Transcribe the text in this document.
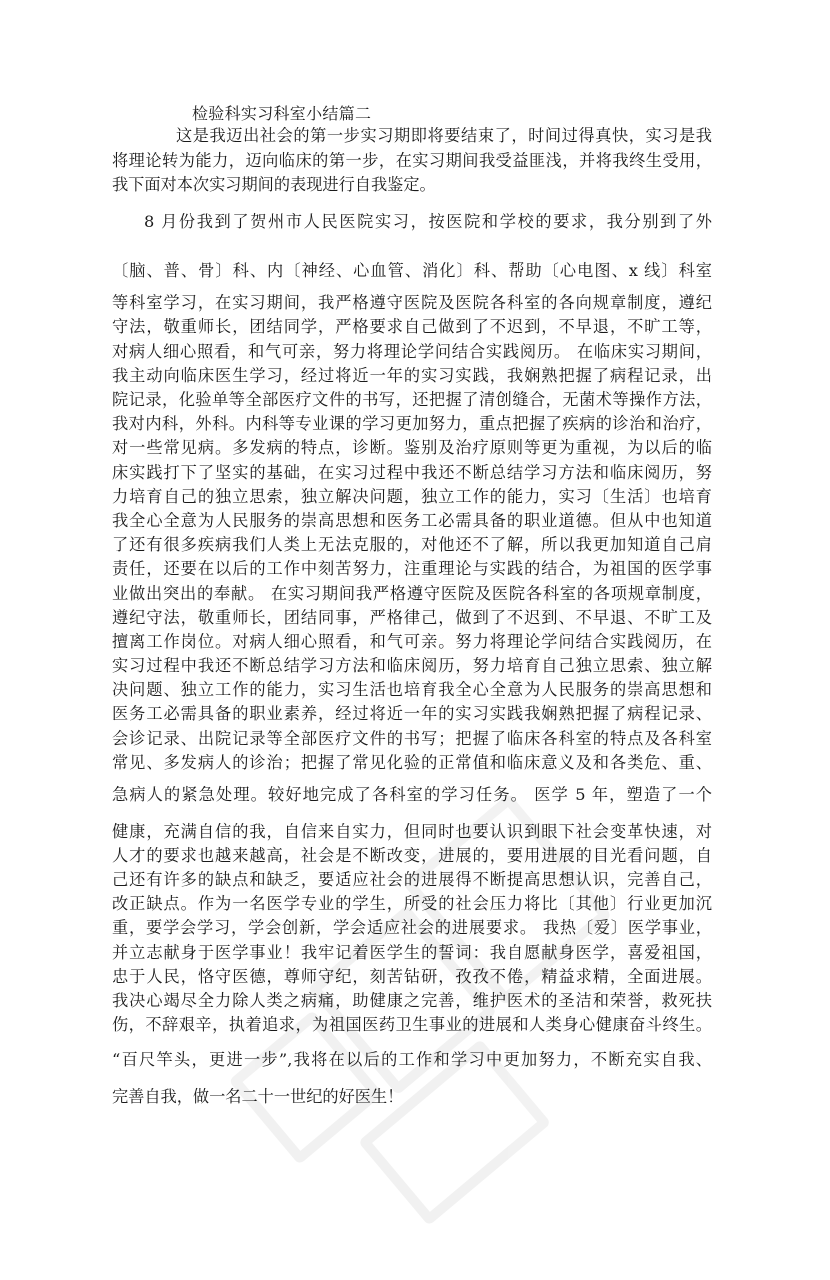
检验科实习科室小结篇二
这是我迈出社会的第一步实习期即将要结束了，时间过得真快，实习是我
将理论转为能力，迈向临床的第一步，在实习期间我受益匪浅，并将我终生受用，
我下面对本次实习期间的表现进行自我鉴定。
8 月份我到了贺州市人民医院实习，按医院和学校的要求，我分别到了外
〔脑、普、骨〕科、内〔神经、心血管、消化〕科、帮助〔心电图、x 线〕科室
等科室学习，在实习期间，我严格遵守医院及医院各科室的各向规章制度，遵纪
守法，敬重师长，团结同学，严格要求自己做到了不迟到，不早退，不旷工等，
对病人细心照看，和气可亲，努力将理论学问结合实践阅历。 在临床实习期间，
我主动向临床医生学习，经过将近一年的实习实践，我娴熟把握了病程记录，出
院记录，化验单等全部医疗文件的书写，还把握了清创缝合，无菌术等操作方法，
我对内科，外科。内科等专业课的学习更加努力，重点把握了疾病的诊治和治疗，
对一些常见病。多发病的特点，诊断。鉴别及治疗原则等更为重视，为以后的临
床实践打下了坚实的基础，在实习过程中我还不断总结学习方法和临床阅历，努
力培育自己的独立思索，独立解决问题，独立工作的能力，实习〔生活〕也培育
我全心全意为人民服务的崇高思想和医务工必需具备的职业道德。但从中也知道
了还有很多疾病我们人类上无法克服的，对他还不了解，所以我更加知道自己肩
责任，还要在以后的工作中刻苦努力，注重理论与实践的结合，为祖国的医学事
业做出突出的奉献。 在实习期间我严格遵守医院及医院各科室的各项规章制度，
遵纪守法，敬重师长，团结同事，严格律己，做到了不迟到、不早退、不旷工及
擅离工作岗位。对病人细心照看，和气可亲。努力将理论学问结合实践阅历，在
实习过程中我还不断总结学习方法和临床阅历，努力培育自己独立思索、独立解
决问题、独立工作的能力，实习生活也培育我全心全意为人民服务的崇高思想和
医务工必需具备的职业素养，经过将近一年的实习实践我娴熟把握了病程记录、
会诊记录、出院记录等全部医疗文件的书写；把握了临床各科室的特点及各科室
常见、多发病人的诊治；把握了常见化验的正常值和临床意义及和各类危、重、
急病人的紧急处理。较好地完成了各科室的学习任务。 医学 5 年，塑造了一个
健康，充满自信的我，自信来自实力，但同时也要认识到眼下社会变革快速，对
人才的要求也越来越高，社会是不断改变，进展的，要用进展的目光看问题，自
己还有许多的缺点和缺乏，要适应社会的进展得不断提高思想认识，完善自己，
改正缺点。作为一名医学专业的学生，所受的社会压力将比〔其他〕行业更加沉
重，要学会学习，学会创新，学会适应社会的进展要求。 我热〔爱〕医学事业，
并立志献身于医学事业！我牢记着医学生的誓词：我自愿献身医学，喜爱祖国，
忠于人民，恪守医德，尊师守纪，刻苦钻研，孜孜不倦，精益求精，全面进展。
我决心竭尽全力除人类之病痛，助健康之完善，维护医术的圣洁和荣誉，救死扶
伤，不辞艰辛，执着追求，为祖国医药卫生事业的进展和人类身心健康奋斗终生。
“百尺竿头，更进一步”,我将在以后的工作和学习中更加努力，不断充实自我、
完善自我，做一名二十一世纪的好医生！
